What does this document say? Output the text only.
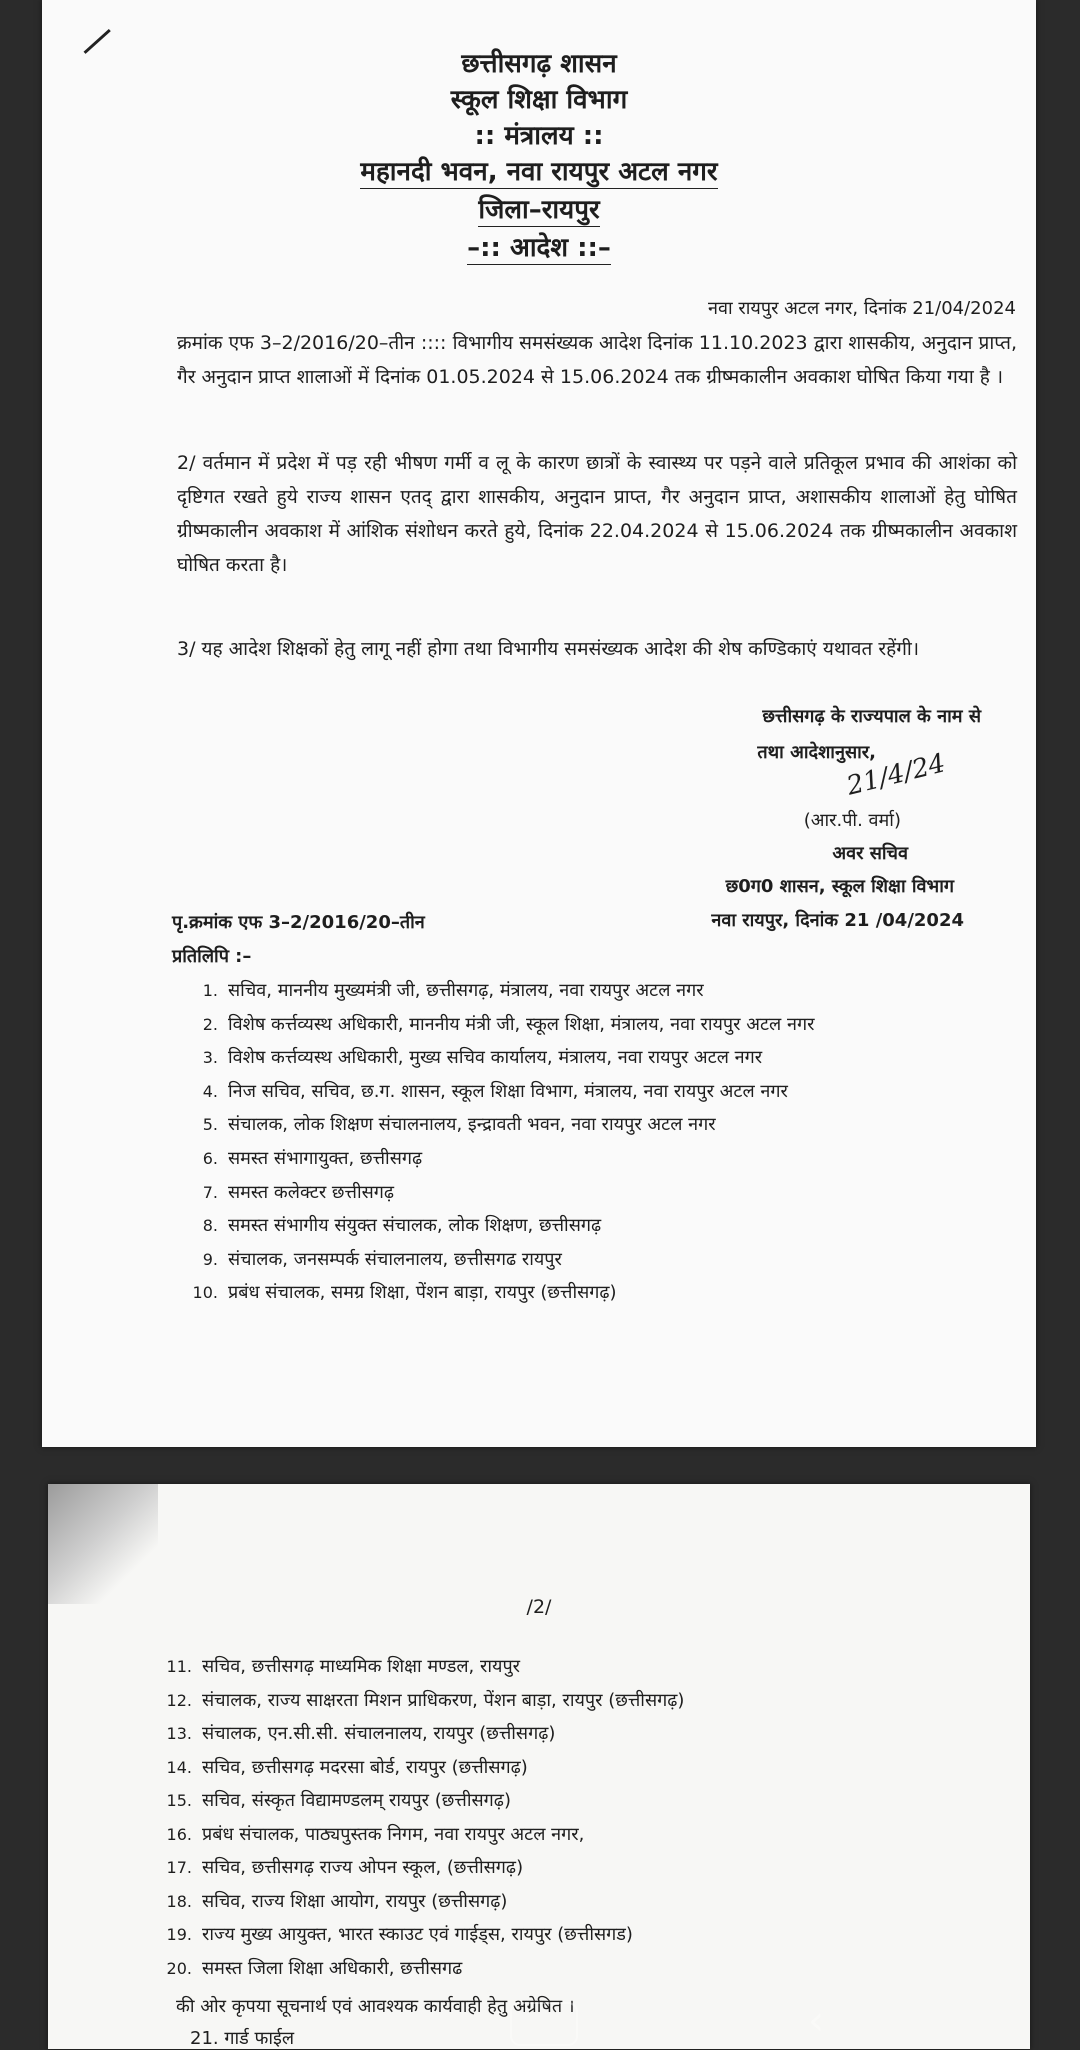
छत्तीसगढ़ शासन
स्कूल शिक्षा विभाग
:: मंत्रालय ::
महानदी भवन, नवा रायपुर अटल नगर
जिला–रायपुर
–:: आदेश ::–
नवा रायपुर अटल नगर, दिनांक 21/04/2024

क्रमांक एफ 3–2/2016/20–तीन :::: विभागीय समसंख्यक आदेश दिनांक 11.10.2023 द्वारा शासकीय, अनुदान प्राप्त, गैर अनुदान प्राप्त शालाओं में दिनांक 01.05.2024 से 15.06.2024 तक ग्रीष्मकालीन अवकाश घोषित किया गया है ।

2/ वर्तमान में प्रदेश में पड़ रही भीषण गर्मी व लू के कारण छात्रों के स्वास्थ्य पर पड़ने वाले प्रतिकूल प्रभाव की आशंका को दृष्टिगत रखते हुये राज्य शासन एतद् द्वारा शासकीय, अनुदान प्राप्त, गैर अनुदान प्राप्त, अशासकीय शालाओं हेतु घोषित ग्रीष्मकालीन अवकाश में आंशिक संशोधन करते हुये, दिनांक 22.04.2024 से 15.06.2024 तक ग्रीष्मकालीन अवकाश घोषित करता है।

3/ यह आदेश शिक्षकों हेतु लागू नहीं होगा तथा विभागीय समसंख्यक आदेश की शेष कण्डिकाएं यथावत रहेंगी।

छत्तीसगढ़ के राज्यपाल के नाम से
तथा आदेशानुसार,
21/4/24
(आर.पी. वर्मा)
अवर सचिव
छ0ग0 शासन, स्कूल शिक्षा विभाग
नवा रायपुर, दिनांक 21 /04/2024
पृ.क्रमांक एफ 3–2/2016/20–तीन
प्रतिलिपि :–
1. सचिव, माननीय मुख्यमंत्री जी, छत्तीसगढ़, मंत्रालय, नवा रायपुर अटल नगर
2. विशेष कर्त्तव्यस्थ अधिकारी, माननीय मंत्री जी, स्कूल शिक्षा, मंत्रालय, नवा रायपुर अटल नगर
3. विशेष कर्त्तव्यस्थ अधिकारी, मुख्य सचिव कार्यालय, मंत्रालय, नवा रायपुर अटल नगर
4. निज सचिव, सचिव, छ.ग. शासन, स्कूल शिक्षा विभाग, मंत्रालय, नवा रायपुर अटल नगर
5. संचालक, लोक शिक्षण संचालनालय, इन्द्रावती भवन, नवा रायपुर अटल नगर
6. समस्त संभागायुक्त, छत्तीसगढ़
7. समस्त कलेक्टर छत्तीसगढ़
8. समस्त संभागीय संयुक्त संचालक, लोक शिक्षण, छत्तीसगढ़
9. संचालक, जनसम्पर्क संचालनालय, छत्तीसगढ रायपुर
10. प्रबंध संचालक, समग्र शिक्षा, पेंशन बाड़ा, रायपुर (छत्तीसगढ़)
/2/
11. सचिव, छत्तीसगढ़ माध्यमिक शिक्षा मण्डल, रायपुर
12. संचालक, राज्य साक्षरता मिशन प्राधिकरण, पेंशन बाड़ा, रायपुर (छत्तीसगढ़)
13. संचालक, एन.सी.सी. संचालनालय, रायपुर (छत्तीसगढ़)
14. सचिव, छत्तीसगढ़ मदरसा बोर्ड, रायपुर (छत्तीसगढ़)
15. सचिव, संस्कृत विद्यामण्डलम् रायपुर (छत्तीसगढ़)
16. प्रबंध संचालक, पाठ्यपुस्तक निगम, नवा रायपुर अटल नगर,
17. सचिव, छत्तीसगढ़ राज्य ओपन स्कूल, (छत्तीसगढ़)
18. सचिव, राज्य शिक्षा आयोग, रायपुर (छत्तीसगढ़)
19. राज्य मुख्य आयुक्त, भारत स्काउट एवं गाईड्स, रायपुर (छत्तीसगड)
20. समस्त जिला शिक्षा अधिकारी, छत्तीसगढ
की ओर कृपया सूचनार्थ एवं आवश्यक कार्यवाही हेतु अग्रेषित ।
21. गार्ड फाईल	‹
